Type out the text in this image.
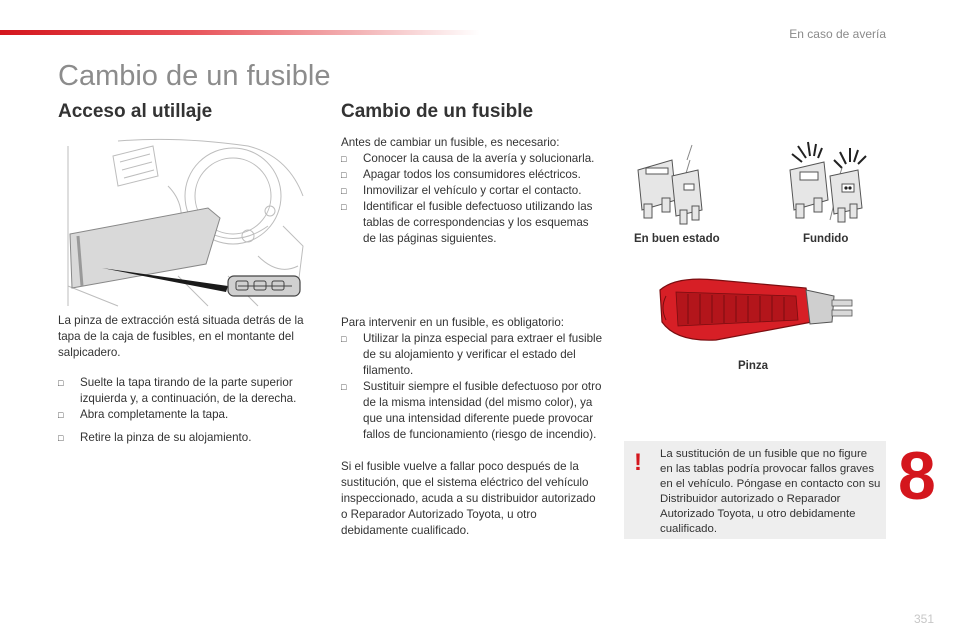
En caso de avería
Cambio de un fusible
Acceso al utillaje

La pinza de extracción está situada detrás de la tapa de la caja de fusibles, en el montante del salpicadero.

□ Suelte la tapa tirando de la parte superior izquierda y, a continuación, de la derecha.
□ Abra completamente la tapa.
□ Retire la pinza de su alojamiento.
Cambio de un fusible

Antes de cambiar un fusible, es necesario:

□ Conocer la causa de la avería y solucionarla.
□ Apagar todos los consumidores eléctricos.
□ Inmovilizar el vehículo y cortar el contacto.
□ Identificar el fusible defectuoso utilizando las tablas de correspondencias y los esquemas de las páginas siguientes.

Para intervenir en un fusible, es obligatorio:

□ Utilizar la pinza especial para extraer el fusible de su alojamiento y verificar el estado del filamento.
□ Sustituir siempre el fusible defectuoso por otro de la misma intensidad (del mismo color), ya que una intensidad diferente puede provocar fallos de funcionamiento (riesgo de incendio).

Si el fusible vuelve a fallar poco después de la sustitución, que el sistema eléctrico del vehículo inspeccionado, acuda a su distribuidor autorizado o Reparador Autorizado Toyota, u otro debidamente cualificado.

En buen estado	Fundido
Pinza
! La sustitución de un fusible que no figure en las tablas podría provocar fallos graves en el vehículo. Póngase en contacto con su Distribuidor autorizado o Reparador Autorizado Toyota, u otro debidamente cualificado.

8
351
